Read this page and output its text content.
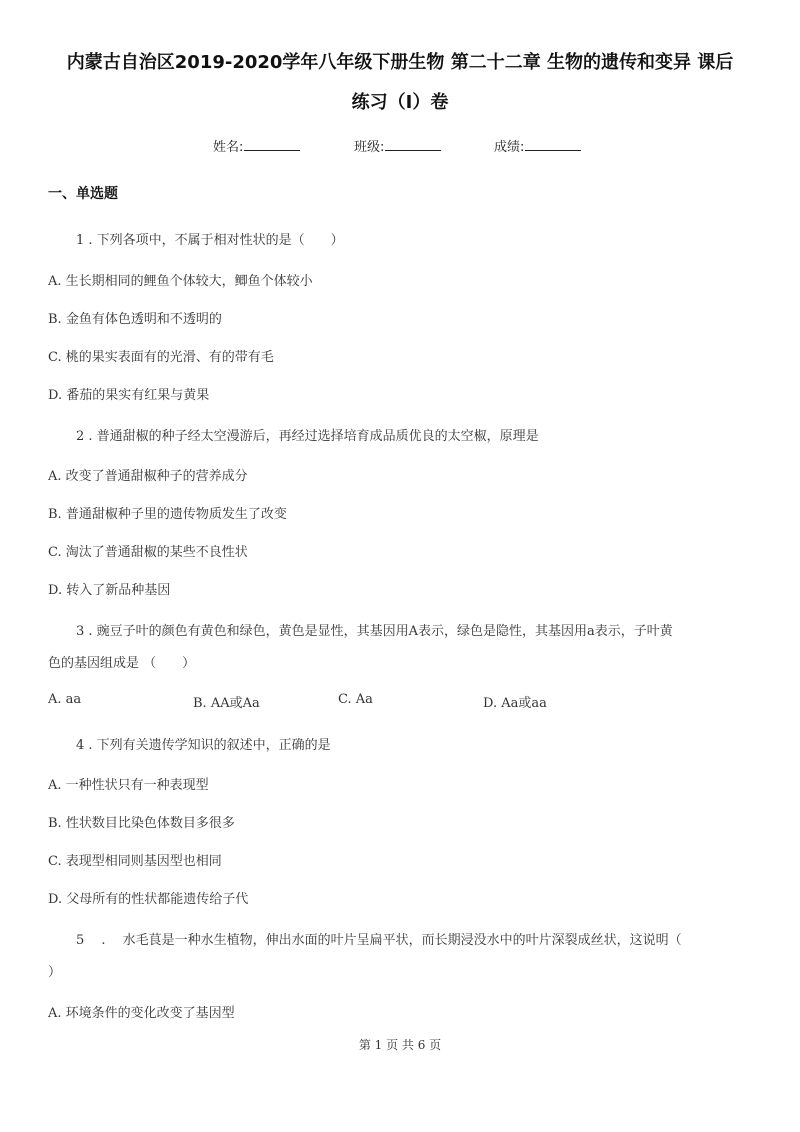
内蒙古自治区2019-2020学年八年级下册生物 第二十二章 生物的遗传和变异 课后
练习（I）卷
姓名:	班级:	成绩:
一、单选题
1 . 下列各项中，不属于相对性状的是（　　）
A. 生长期相同的鲤鱼个体较大，鲫鱼个体较小
B. 金鱼有体色透明和不透明的
C. 桃的果实表面有的光滑、有的带有毛
D. 番茄的果实有红果与黄果
2 . 普通甜椒的种子经太空漫游后，再经过选择培育成品质优良的太空椒，原理是
A. 改变了普通甜椒种子的营养成分
B. 普通甜椒种子里的遗传物质发生了改变
C. 淘汰了普通甜椒的某些不良性状
D. 转入了新品种基因
3 . 豌豆子叶的颜色有黄色和绿色，黄色是显性，其基因用A表示，绿色是隐性，其基因用a表示，子叶黄
色的基因组成是 （　　）
A. aa	B. AA或Aa	C. Aa	D. Aa或aa
4 . 下列有关遗传学知识的叙述中，正确的是
A. 一种性状只有一种表现型
B. 性状数目比染色体数目多很多
C. 表现型相同则基因型也相同
D. 父母所有的性状都能遗传给子代
5　 .　 水毛茛是一种水生植物，伸出水面的叶片呈扁平状，而长期浸没水中的叶片深裂成丝状，这说明（
）
A. 环境条件的变化改变了基因型
第 1 页 共 6 页
